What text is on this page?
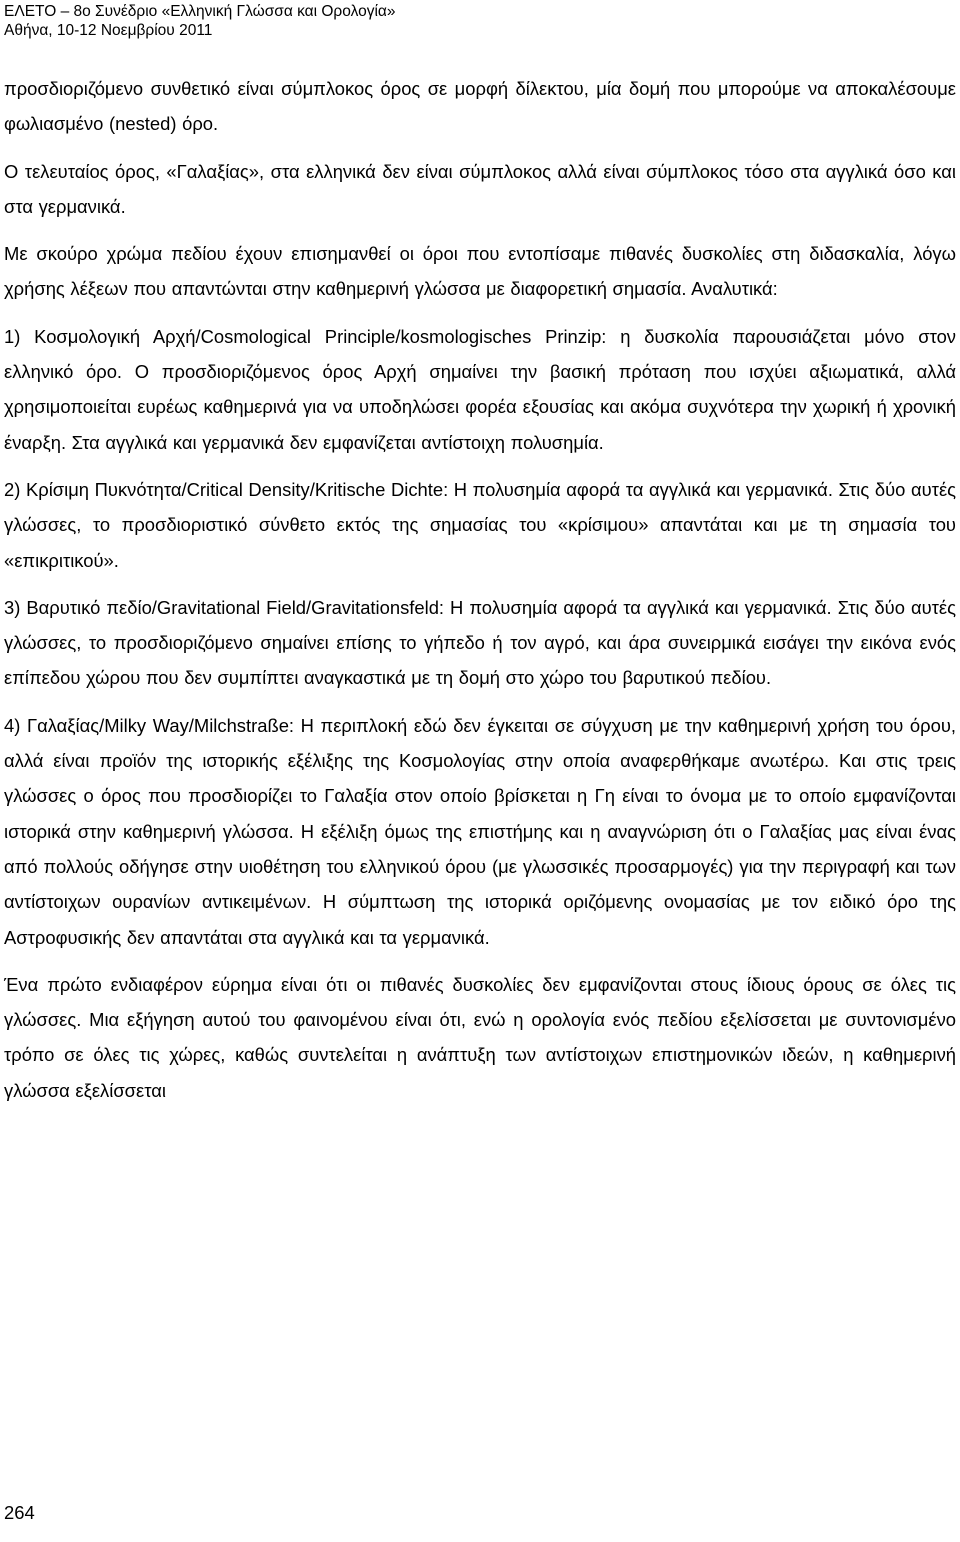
ΕΛΕΤΟ – 8ο Συνέδριο «Ελληνική Γλώσσα και Ορολογία»
Αθήνα, 10-12 Νοεμβρίου 2011

προσδιοριζόμενο συνθετικό είναι σύμπλοκος όρος σε μορφή δίλεκτου, μία δομή που μπορούμε να αποκαλέσουμε φωλιασμένο (nested) όρο.

Ο τελευταίος όρος, «Γαλαξίας», στα ελληνικά δεν είναι σύμπλοκος αλλά είναι σύμπλοκος τόσο στα αγγλικά όσο και στα γερμανικά.

Με σκούρο χρώμα πεδίου έχουν επισημανθεί οι όροι που εντοπίσαμε πιθανές δυσκολίες στη διδασκαλία, λόγω χρήσης λέξεων που απαντώνται στην καθημερινή γλώσσα με διαφορετική σημασία. Αναλυτικά:

1) Κοσμολογική Αρχή/Cosmological Principle/kosmologisches Prinzip: η δυσκολία παρουσιάζεται μόνο στον ελληνικό όρο. Ο προσδιοριζόμενος όρος Αρχή σημαίνει την βασική πρόταση που ισχύει αξιωματικά, αλλά χρησιμοποιείται ευρέως καθημερινά για να υποδηλώσει φορέα εξουσίας και ακόμα συχνότερα την χωρική ή χρονική έναρξη. Στα αγγλικά και γερμανικά δεν εμφανίζεται αντίστοιχη πολυσημία.

2) Κρίσιμη Πυκνότητα/Critical Density/Kritische Dichte: Η πολυσημία αφορά τα αγγλικά και γερμανικά. Στις δύο αυτές γλώσσες, το προσδιοριστικό σύνθετο εκτός της σημασίας του «κρίσιμου» απαντάται και με τη σημασία του «επικριτικού».

3) Βαρυτικό πεδίο/Gravitational Field/Gravitationsfeld: Η πολυσημία αφορά τα αγγλικά και γερμανικά. Στις δύο αυτές γλώσσες, το προσδιοριζόμενο σημαίνει επίσης το γήπεδο ή τον αγρό, και άρα συνειρμικά εισάγει την εικόνα ενός επίπεδου χώρου που δεν συμπίπτει αναγκαστικά με τη δομή στο χώρο του βαρυτικού πεδίου.

4) Γαλαξίας/Milky Way/Milchstraße: Η περιπλοκή εδώ δεν έγκειται σε σύγχυση με την καθημερινή χρήση του όρου, αλλά είναι προϊόν της ιστορικής εξέλιξης της Κοσμολογίας στην οποία αναφερθήκαμε ανωτέρω. Και στις τρεις γλώσσες ο όρος που προσδιορίζει το Γαλαξία στον οποίο βρίσκεται η Γη είναι το όνομα με το οποίο εμφανίζονται ιστορικά στην καθημερινή γλώσσα. Η εξέλιξη όμως της επιστήμης και η αναγνώριση ότι ο Γαλαξίας μας είναι ένας από πολλούς οδήγησε στην υιοθέτηση του ελληνικού όρου (με γλωσσικές προσαρμογές) για την περιγραφή και των αντίστοιχων ουρανίων αντικειμένων. Η σύμπτωση της ιστορικά οριζόμενης ονομασίας με τον ειδικό όρο της Αστροφυσικής δεν απαντάται στα αγγλικά και τα γερμανικά.

Ένα πρώτο ενδιαφέρον εύρημα είναι ότι οι πιθανές δυσκολίες δεν εμφανίζονται στους ίδιους όρους σε όλες τις γλώσσες. Μια εξήγηση αυτού του φαινομένου είναι ότι, ενώ η ορολογία ενός πεδίου εξελίσσεται με συντονισμένο τρόπο σε όλες τις χώρες, καθώς συντελείται η ανάπτυξη των αντίστοιχων επιστημονικών ιδεών, η καθημερινή γλώσσα εξελίσσεται

264
